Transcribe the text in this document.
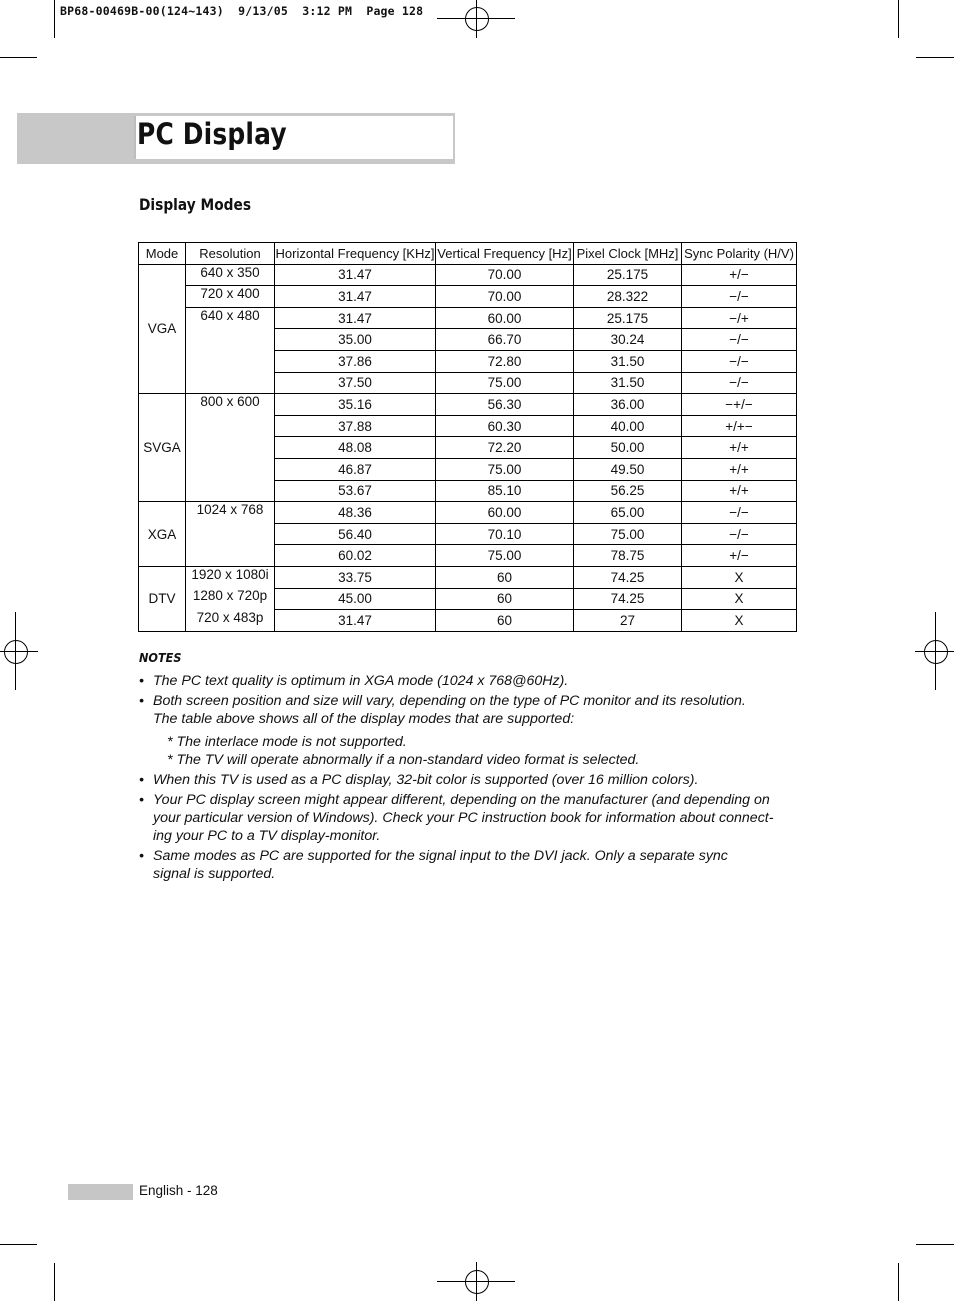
BP68-00469B-00(124~143)  9/13/05  3:12 PM  Page 128
PC Display
Display Modes
Mode	Resolution	Horizontal Frequency [KHz]	Vertical Frequency [Hz]	Pixel Clock [MHz]	Sync Polarity (H/V)
VGA	640 x 350	31.47	70.00	25.175	+/−
	720 x 400	31.47	70.00	28.322	−/−
	640 x 480	31.47	60.00	25.175	−/+
		35.00	66.70	30.24	−/−
		37.86	72.80	31.50	−/−
		37.50	75.00	31.50	−/−
SVGA	800 x 600	35.16	56.30	36.00	−+/−
		37.88	60.30	40.00	+/+−
		48.08	72.20	50.00	+/+
		46.87	75.00	49.50	+/+
		53.67	85.10	56.25	+/+
XGA	1024 x 768	48.36	60.00	65.00	−/−
		56.40	70.10	75.00	−/−
		60.02	75.00	78.75	+/−
DTV	1920 x 1080i	33.75	60	74.25	X
	1280 x 720p	45.00	60	74.25	X
	720 x 483p	31.47	60	27	X
NOTES
• The PC text quality is optimum in XGA mode (1024 x 768@60Hz).
• Both screen position and size will vary, depending on the type of PC monitor and its resolution.
The table above shows all of the display modes that are supported:
* The interlace mode is not supported.
* The TV will operate abnormally if a non-standard video format is selected.
• When this TV is used as a PC display, 32-bit color is supported (over 16 million colors).
• Your PC display screen might appear different, depending on the manufacturer (and depending on
your particular version of Windows). Check your PC instruction book for information about connect-
ing your PC to a TV display-monitor.
• Same modes as PC are supported for the signal input to the DVI jack. Only a separate sync
signal is supported.
English - 128
